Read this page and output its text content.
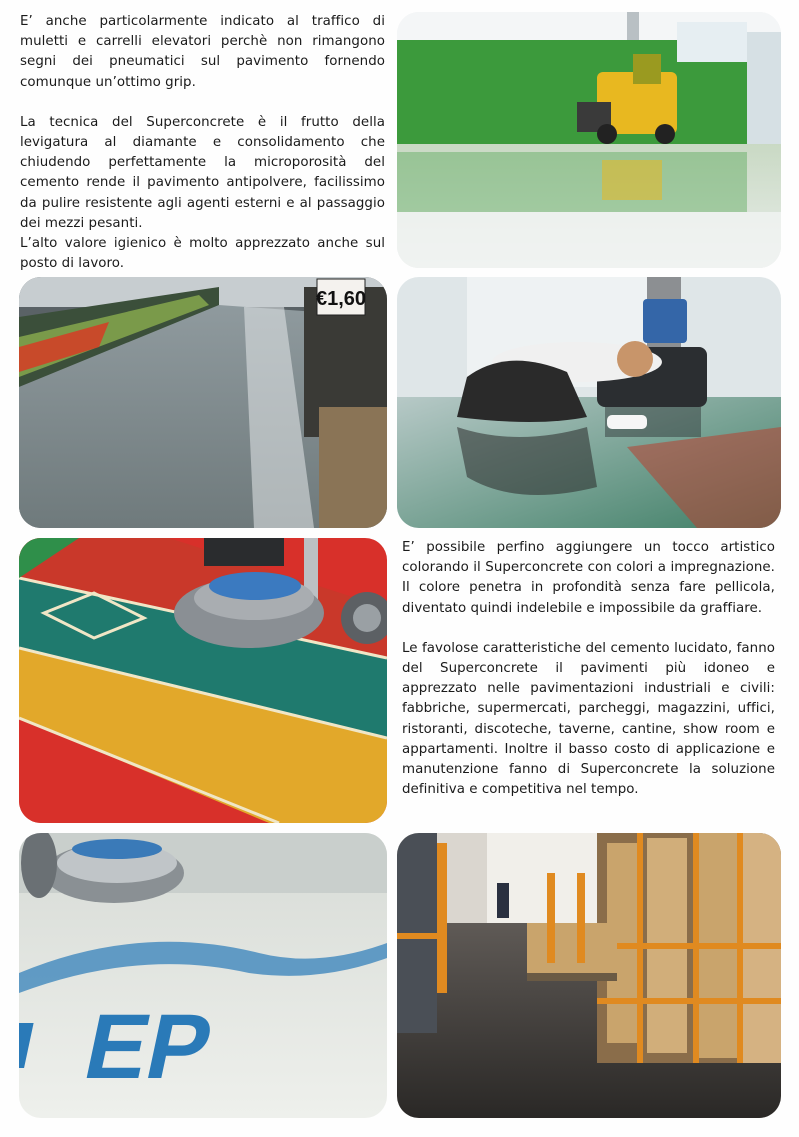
E’ anche particolarmente indicato al traffico di muletti e carrelli elevatori perchè non rimangono segni dei pneumatici sul pavimento fornendo comunque un’ottimo grip.

La tecnica del Superconcrete è il frutto della levigatura al diamante e consolidamento che chiudendo perfettamente la microporosità del cemento rende il pavimento antipolvere, facilissimo da pulire resistente agli agenti esterni e al passaggio dei mezzi pesanti.

L’alto valore igienico è molto apprezzato anche sul posto di lavoro.

E’ possibile perfino aggiungere un tocco artistico colorando il Superconcrete con colori a impregnazione. Il colore penetra in profondità senza fare pellicola, diventato quindi indelebile e impossibile da graffiare.

Le favolose caratteristiche del cemento lucidato, fanno del Superconcrete il pavimenti più idoneo e apprezzato nelle pavimentazioni industriali e civili: fabbriche, supermercati, parcheggi, magazzini, uffici, ristoranti, discoteche, taverne, cantine, show room e appartamenti. Inoltre il basso costo di applicazione e manutenzione fanno di Superconcrete la soluzione definitiva e competitiva nel tempo.

€1,60
EP
